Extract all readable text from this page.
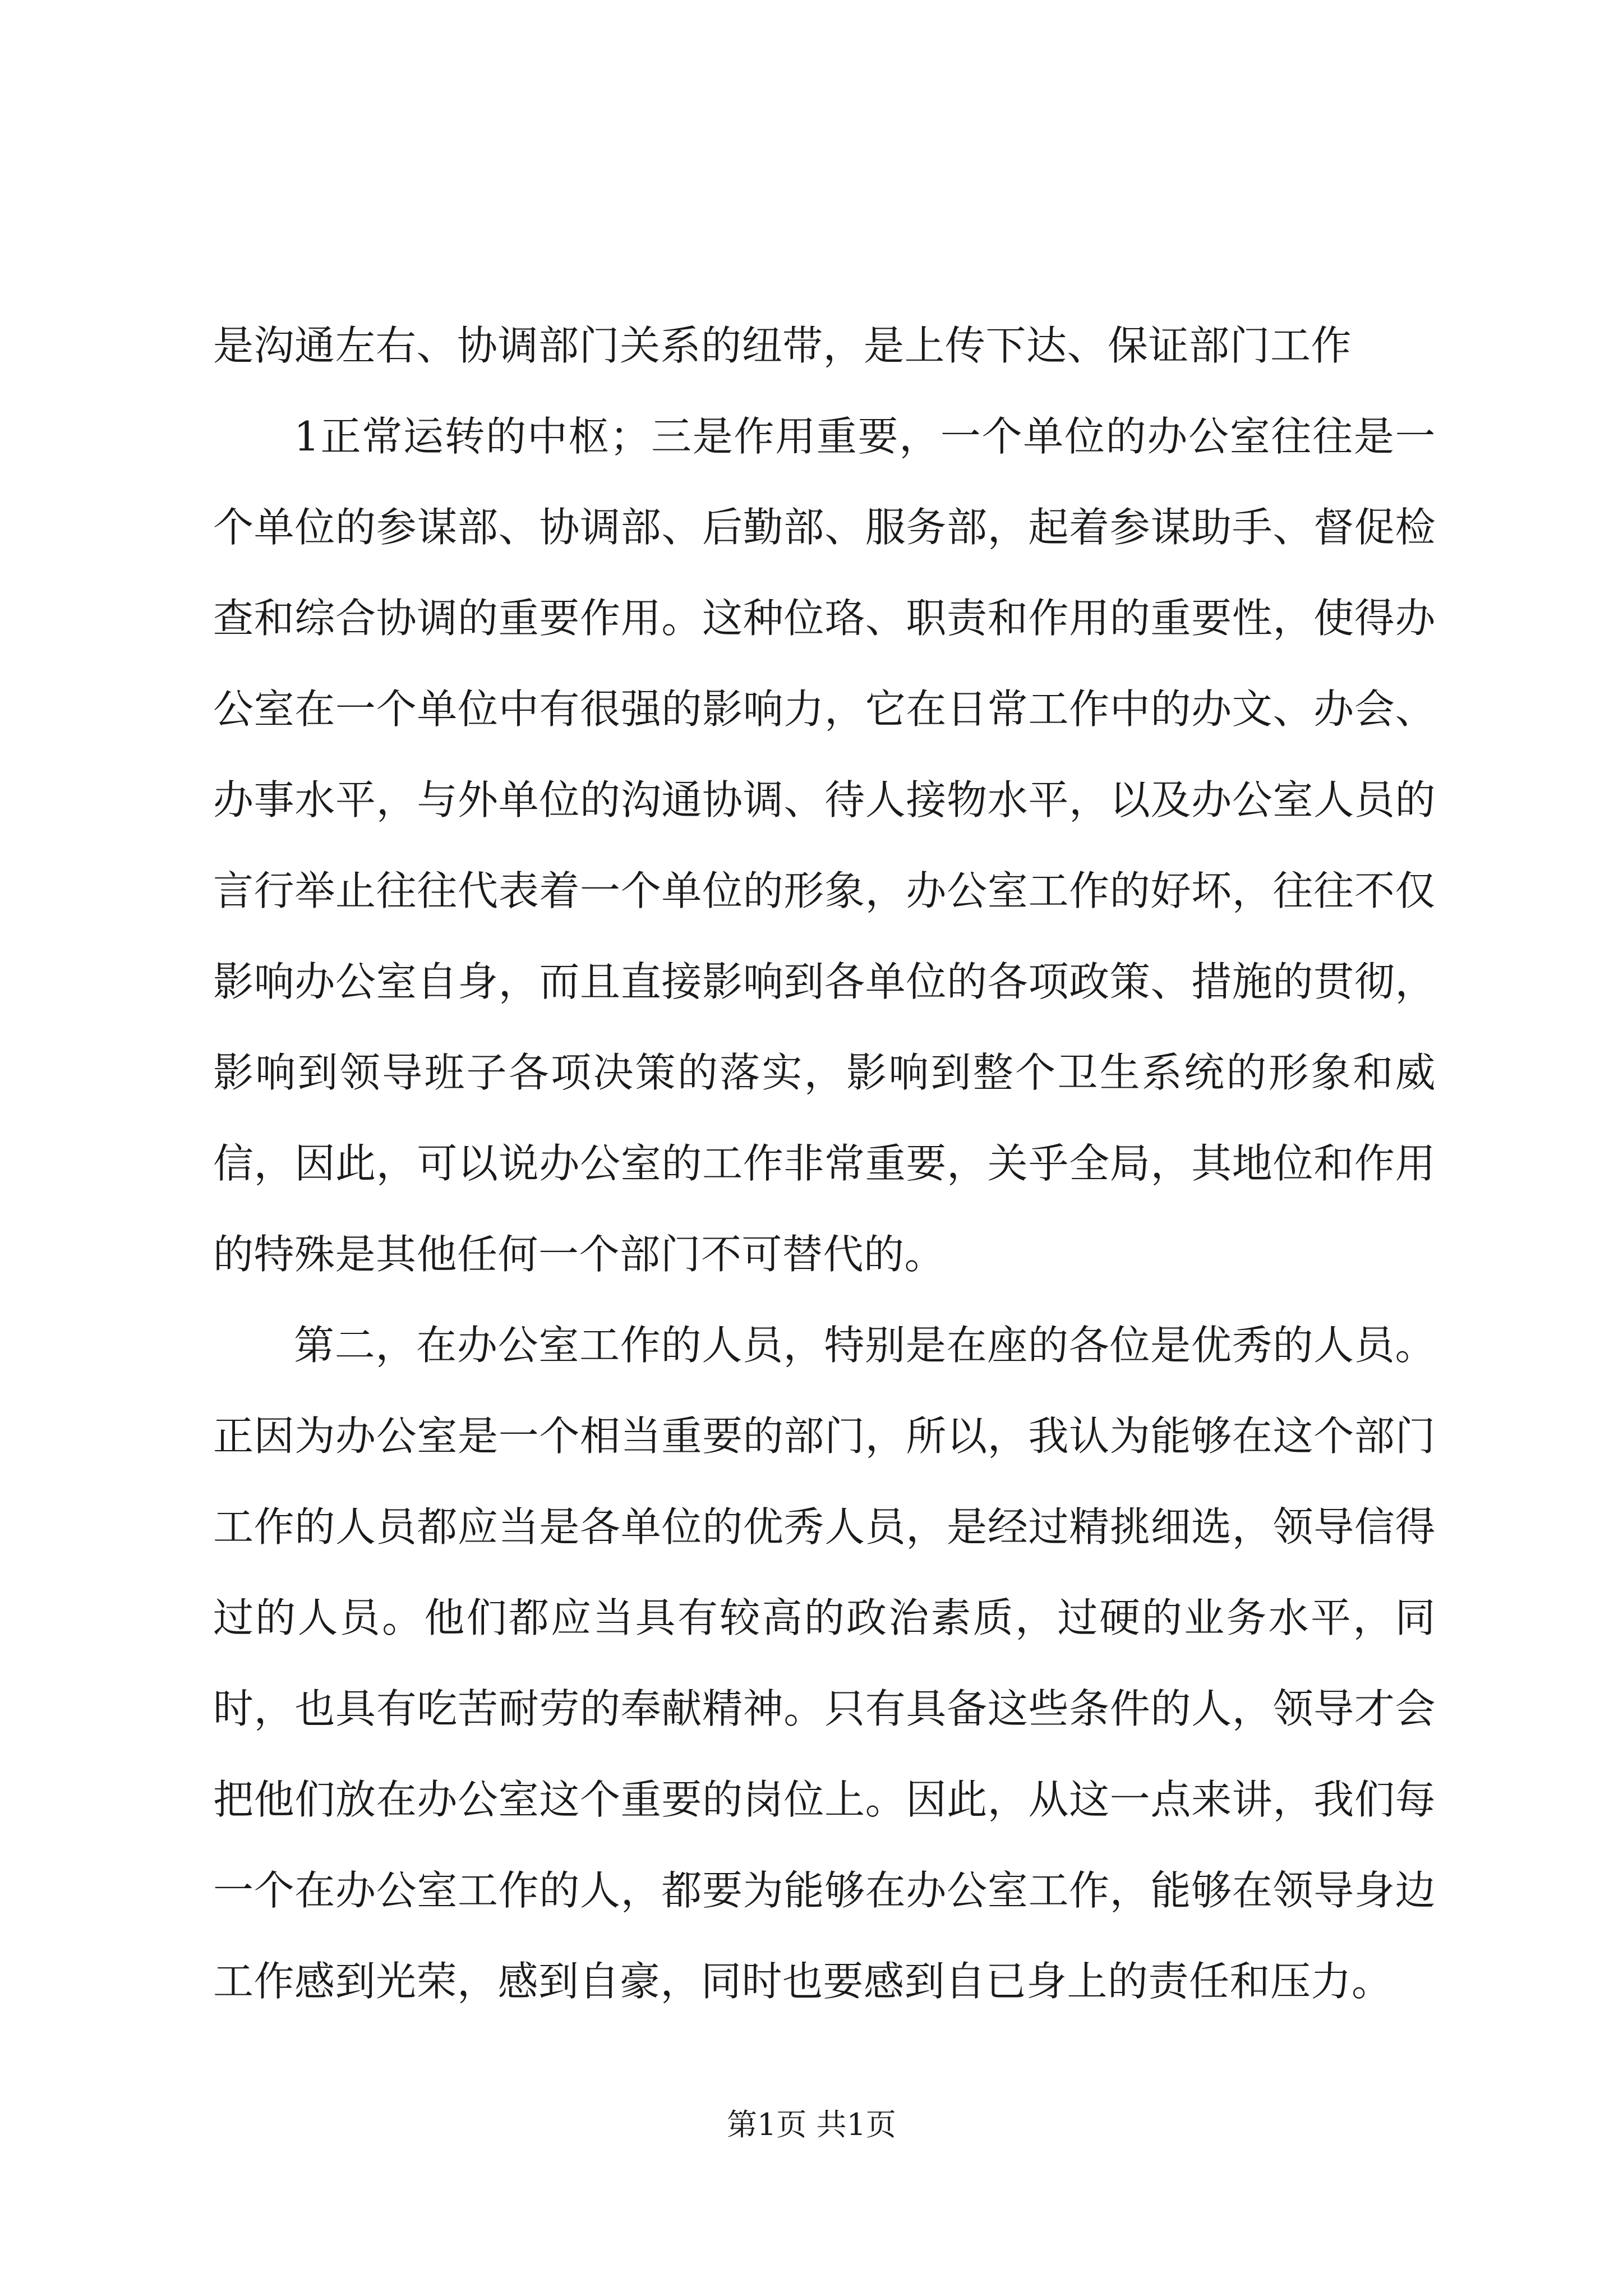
是沟通左右、协调部门关系的纽带，是上传下达、保证部门工作

1正常运转的中枢；三是作用重要，一个单位的办公室往往是一个单位的参谋部、协调部、后勤部、服务部，起着参谋助手、督促检查和综合协调的重要作用。这种位珞、职责和作用的重要性，使得办公室在一个单位中有很强的影响力，它在日常工作中的办文、办会、办事水平，与外单位的沟通协调、待人接物水平，以及办公室人员的言行举止往往代表着一个单位的形象，办公室工作的好坏，往往不仅影响办公室自身，而且直接影响到各单位的各项政策、措施的贯彻，影响到领导班子各项决策的落实，影响到整个卫生系统的形象和威信，因此，可以说办公室的工作非常重要，关乎全局，其地位和作用的特殊是其他任何一个部门不可替代的。

第二，在办公室工作的人员，特别是在座的各位是优秀的人员。正因为办公室是一个相当重要的部门，所以，我认为能够在这个部门工作的人员都应当是各单位的优秀人员，是经过精挑细选，领导信得过的人员。他们都应当具有较高的政治素质，过硬的业务水平，同时，也具有吃苦耐劳的奉献精神。只有具备这些条件的人，领导才会把他们放在办公室这个重要的岗位上。因此，从这一点来讲，我们每一个在办公室工作的人，都要为能够在办公室工作，能够在领导身边工作感到光荣，感到自豪，同时也要感到自已身上的责任和压力。

第1页 共1页
